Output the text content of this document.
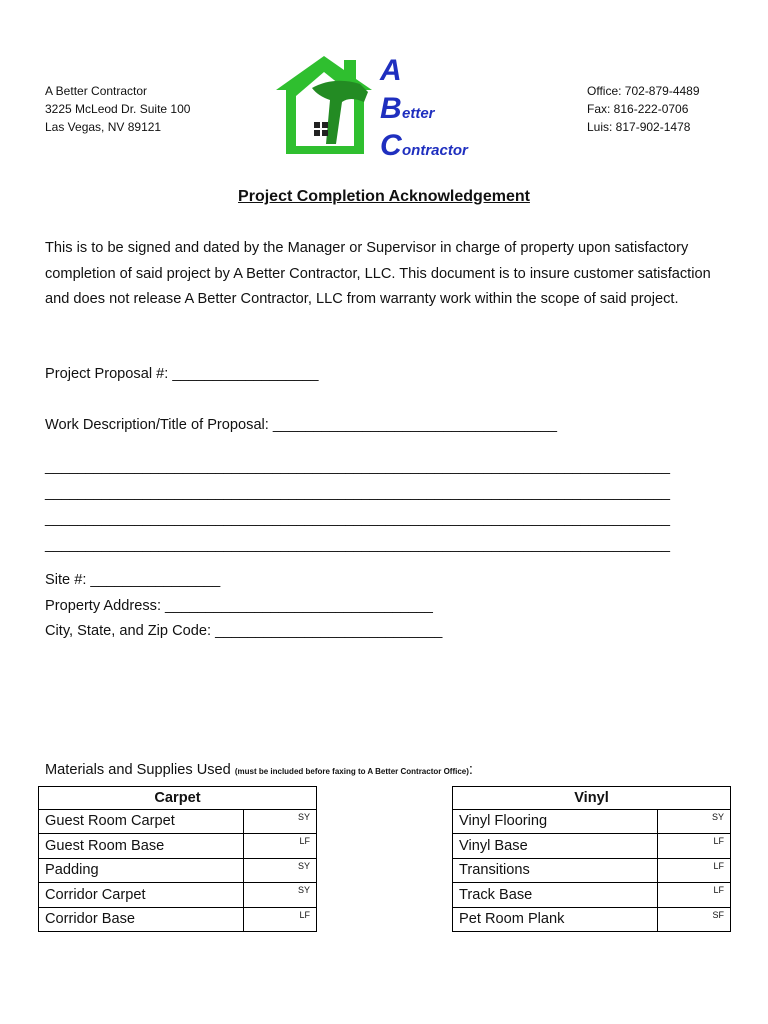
A Better Contractor
3225 McLeod Dr. Suite 100
Las Vegas, NV 89121
A
B etter
C ontractor
Office: 702-879-4489
Fax: 816-222-0706
Luis: 817-902-1478
Project Completion Acknowledgement
This is to be signed and dated by the Manager or Supervisor in charge of property upon satisfactory completion of said project by A Better Contractor, LLC. This document is to insure customer satisfaction and does not release A Better Contractor, LLC from warranty work within the scope of said project.
Project Proposal #: __________________
Work Description/Title of Proposal: ___________________________________
_____________________________________________________________________________
_____________________________________________________________________________
_____________________________________________________________________________
_____________________________________________________________________________
Site #: ________________
Property Address: _________________________________
City, State, and Zip Code: ____________________________
Materials and Supplies Used (must be included before faxing to A Better Contractor Office):
Carpet	
Guest Room Carpet	SY
Guest Room Base	LF
Padding	SY
Corridor Carpet	SY
Corridor Base	LF
Vinyl	
Vinyl Flooring	SY
Vinyl Base	LF
Transitions	LF
Track Base	LF
Pet Room Plank	SF
